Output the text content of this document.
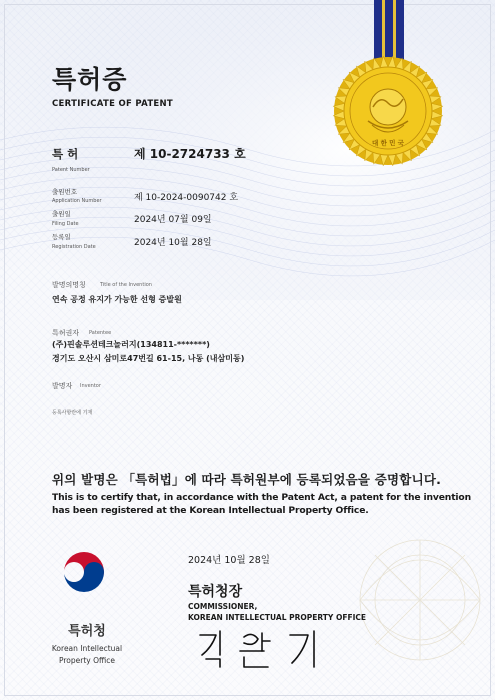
대 한 민 국
특허증
CERTIFICATE OF PATENT
특 허
Patent Number
제 10-2724733 호
출원번호
Application Number	제 10-2024-0090742 호
출원일
Filing Date	2024년 07월 09일
등록일
Registration Date	2024년 10월 28일
발명의명칭	Title of the Invention
연속 공정 유지가 가능한 선형 증발원
특허권자 Patentee
(주)핀솔루션테크놀러지(134811-*******)
경기도 오산시 삼미로47번길 61-15, 나동 (내삼미동)
발명자 Inventor
등록사항란에 기재
위의 발명은 「특허법」에 따라 특허원부에 등록되었음을 증명합니다.
This is to certify that, in accordance with the Patent Act, a patent for the invention
has been registered at the Korean Intellectual Property Office.
2024년 10월 28일
특허청장
COMMISSIONER,
KOREAN INTELLECTUAL PROPERTY OFFICE
특허청
Korean Intellectual
Property Office
